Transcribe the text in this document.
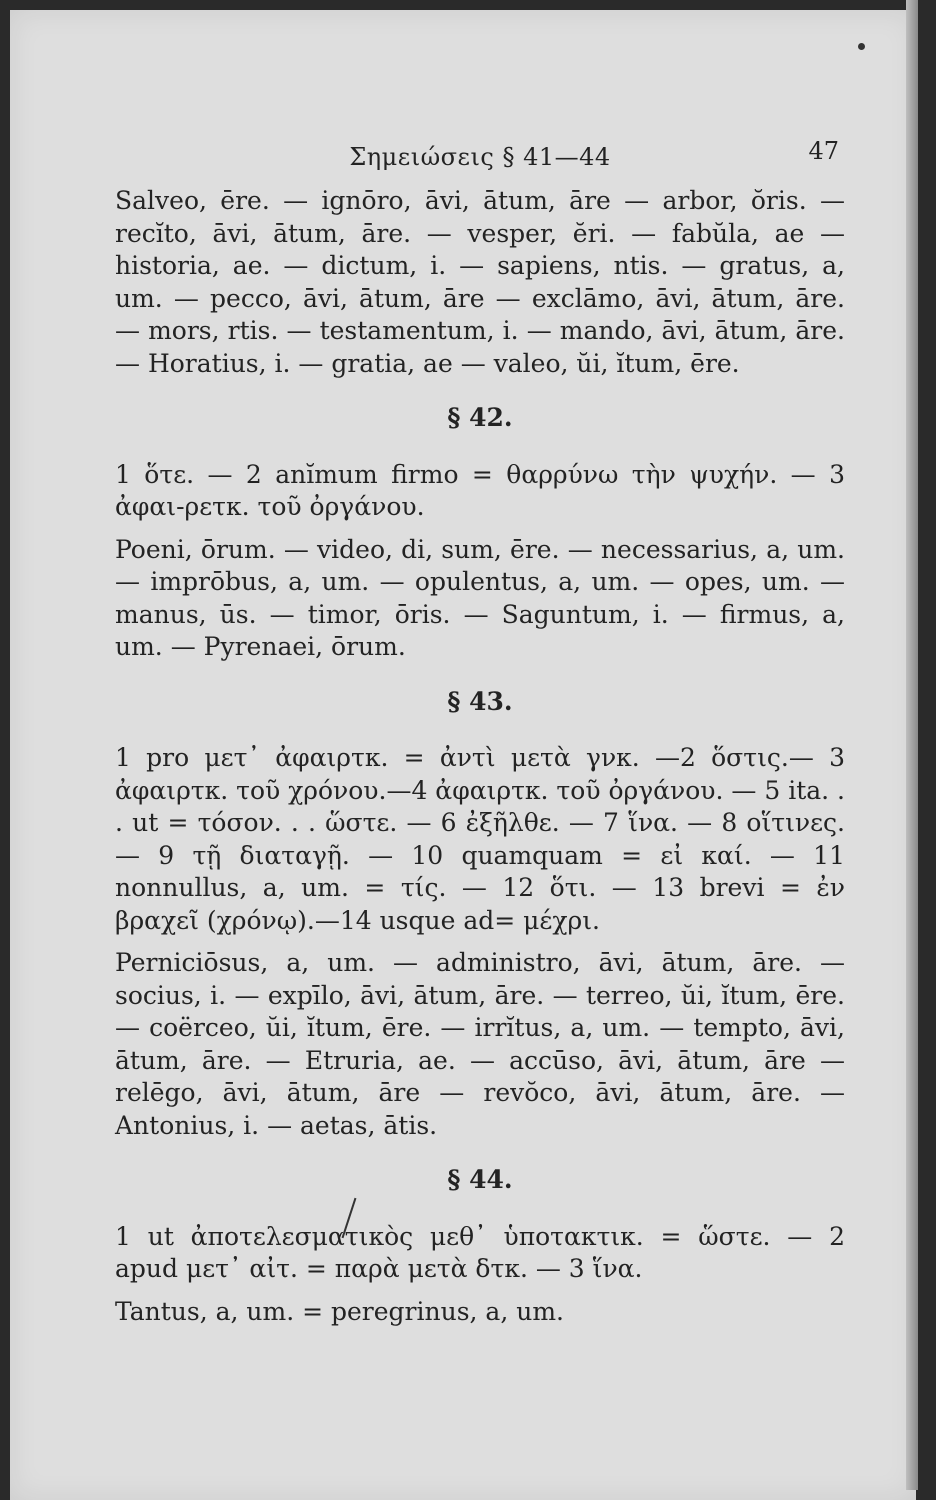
Σημειώσεις § 41—44	47

Salveo, ēre. — ignōro, āvi, ātum, āre — arbor, ŏris. — recĭto, āvi, ātum, āre. — vesper, ĕri. — fabŭla, ae — historia, ae. — dictum, i. — sapiens, ntis. — gratus, a, um. — pecco, āvi, ātum, āre — exclāmo, āvi, ātum, āre. — mors, rtis. — testamentum, i. — mando, āvi, ātum, āre. — Horatius, i. — gratia, ae — valeo, ŭi, ĭtum, ēre.

§ 42.

1 ὅτε. — 2 anĭmum firmo = θαρρύνω τὴν ψυχήν. — 3 ἀφαι-ρετκ. τοῦ ὀργάνου.

Poeni, ōrum. — video, di, sum, ēre. — necessarius, a, um. — imprōbus, a, um. — opulentus, a, um. — opes, um. — manus, ūs. — timor, ōris. — Saguntum, i. — firmus, a, um. — Pyrenaei, ōrum.

§ 43.

1 pro μετ᾽ ἀφαιρτκ. = ἀντὶ μετὰ γνκ. —2 ὅστις.— 3 ἀφαιρτκ. τοῦ χρόνου.—4 ἀφαιρτκ. τοῦ ὀργάνου. — 5 ita. . . ut = τόσον. . . ὥστε. — 6 ἐξῆλθε. — 7 ἵνα. — 8 οἵτινες. — 9 τῇ διαταγῇ. — 10 quamquam = εἰ καί. — 11 nonnullus, a, um. = τίς. — 12 ὅτι. — 13 brevi = ἐν βραχεῖ (χρόνῳ).—14 usque ad= μέχρι.

Perniciōsus, a, um. — administro, āvi, ātum, āre. — socius, i. — expīlo, āvi, ātum, āre. — terreo, ŭi, ĭtum, ēre. — coërceo, ŭi, ĭtum, ēre. — irrĭtus, a, um. — tempto, āvi, ātum, āre. — Etruria, ae. — accūso, āvi, ātum, āre — relēgo, āvi, ātum, āre — revŏco, āvi, ātum, āre. — Antonius, i. — aetas, ātis.

§ 44.

1 ut ἀποτελεσματικὸς μεθ᾽ ὑποτακτικ. = ὥστε. — 2 apud μετ᾽ αἰτ. = παρὰ μετὰ δτκ. — 3 ἵνα.

Tantus, a, um. = peregrinus, a, um.
